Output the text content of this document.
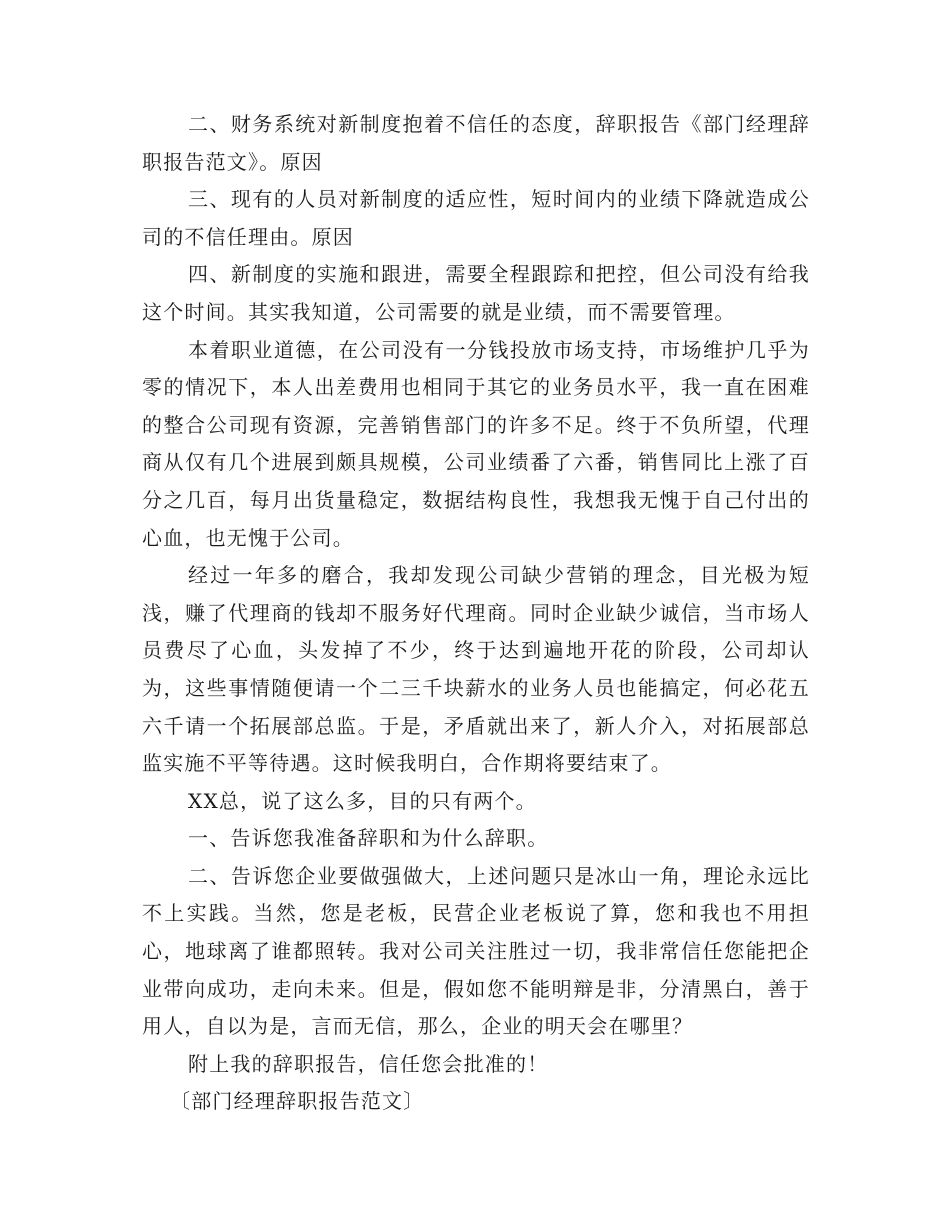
二、财务系统对新制度抱着不信任的态度，辞职报告《部门经理辞职报告范文》。原因

三、现有的人员对新制度的适应性，短时间内的业绩下降就造成公司的不信任理由。原因

四、新制度的实施和跟进，需要全程跟踪和把控，但公司没有给我这个时间。其实我知道，公司需要的就是业绩，而不需要管理。

本着职业道德，在公司没有一分钱投放市场支持，市场维护几乎为零的情况下，本人出差费用也相同于其它的业务员水平，我一直在困难的整合公司现有资源，完善销售部门的许多不足。终于不负所望，代理商从仅有几个进展到颇具规模，公司业绩番了六番，销售同比上涨了百分之几百，每月出货量稳定，数据结构良性，我想我无愧于自己付出的心血，也无愧于公司。

经过一年多的磨合，我却发现公司缺少营销的理念，目光极为短浅，赚了代理商的钱却不服务好代理商。同时企业缺少诚信，当市场人员费尽了心血，头发掉了不少，终于达到遍地开花的阶段，公司却认为，这些事情随便请一个二三千块薪水的业务人员也能搞定，何必花五六千请一个拓展部总监。于是，矛盾就出来了，新人介入，对拓展部总监实施不平等待遇。这时候我明白，合作期将要结束了。

XX总，说了这么多，目的只有两个。

一、告诉您我准备辞职和为什么辞职。

二、告诉您企业要做强做大，上述问题只是冰山一角，理论永远比不上实践。当然，您是老板，民营企业老板说了算，您和我也不用担心，地球离了谁都照转。我对公司关注胜过一切，我非常信任您能把企业带向成功，走向未来。但是，假如您不能明辩是非，分清黑白，善于用人，自以为是，言而无信，那么，企业的明天会在哪里？

附上我的辞职报告，信任您会批准的！

〔部门经理辞职报告范文〕
